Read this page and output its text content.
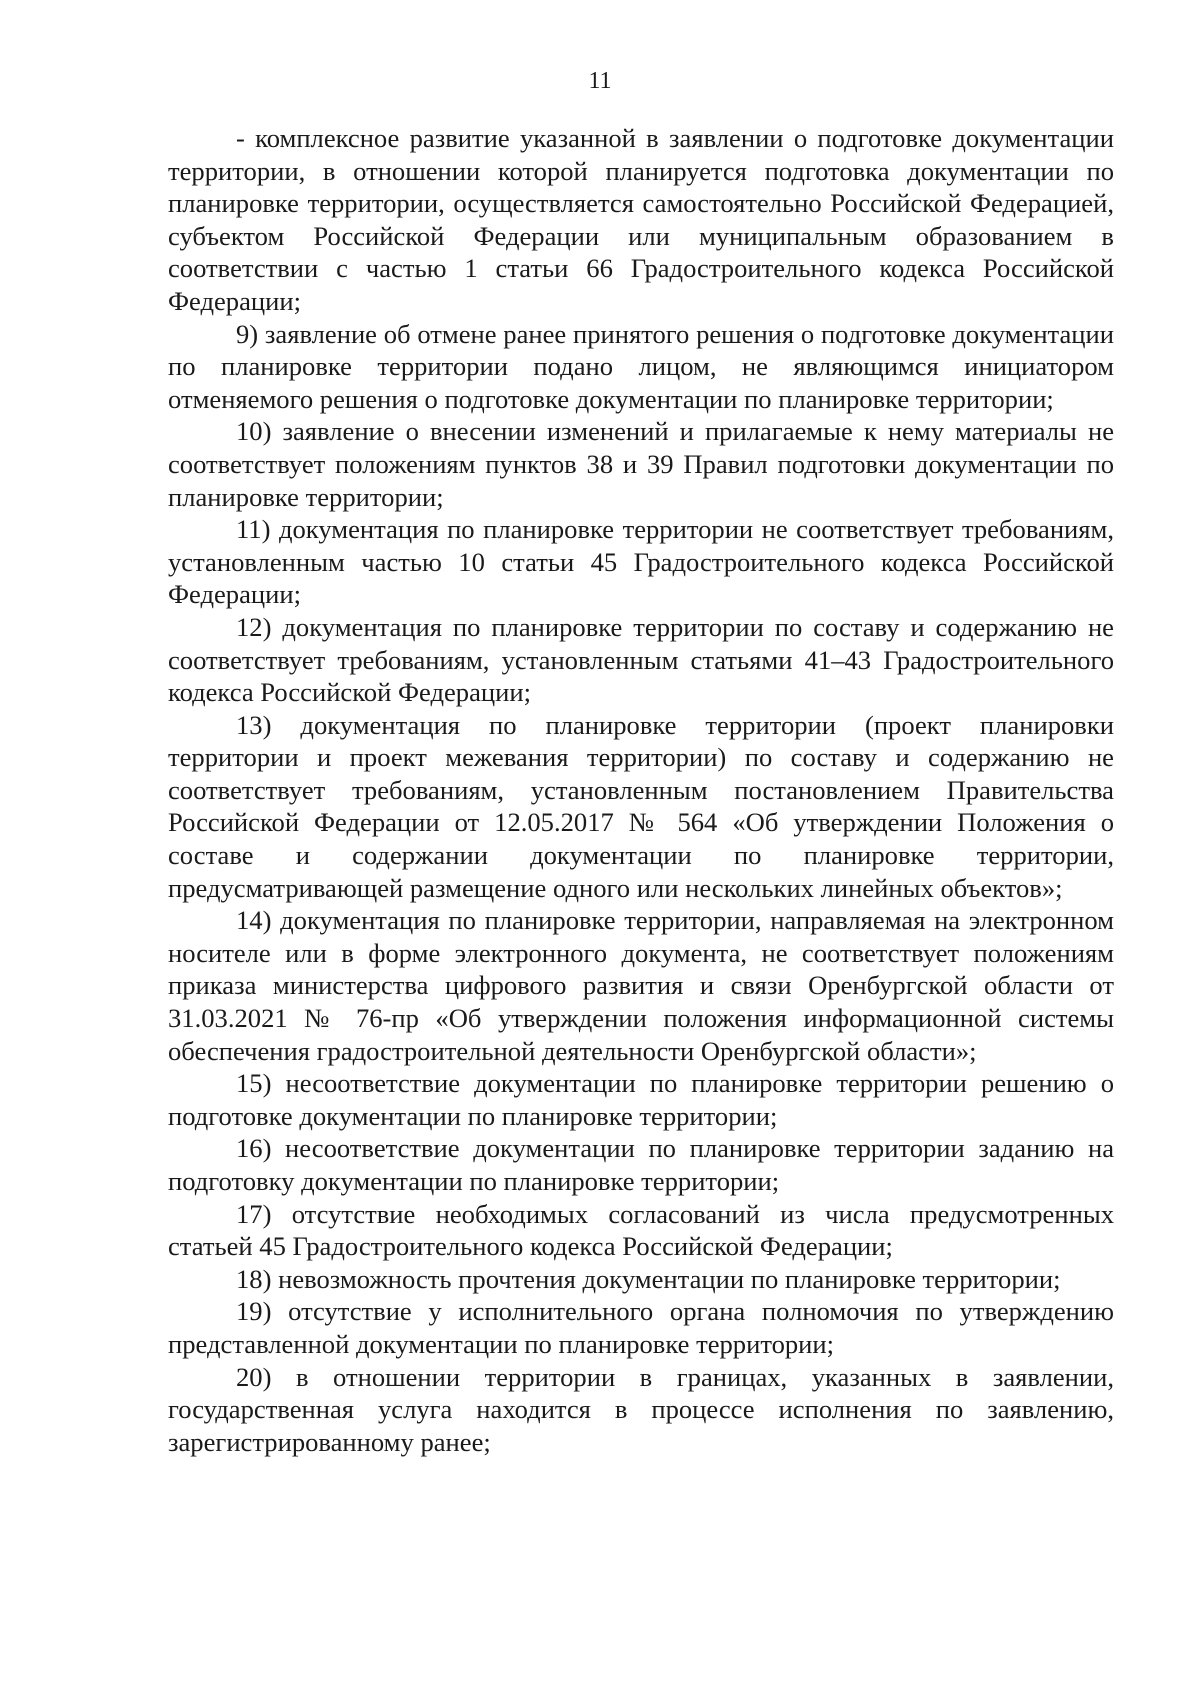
11

- комплексное развитие указанной в заявлении о подготовке документации территории, в отношении которой планируется подготовка документации по планировке территории, осуществляется самостоятельно Российской Федерацией, субъектом Российской Федерации или муниципальным образованием в соответствии с частью 1 статьи 66 Градостроительного кодекса Российской Федерации;

9) заявление об отмене ранее принятого решения о подготовке документации по планировке территории подано лицом, не являющимся инициатором отменяемого решения о подготовке документации по планировке территории;

10) заявление о внесении изменений и прилагаемые к нему материалы не соответствует положениям пунктов 38 и 39 Правил подготовки документации по планировке территории;

11) документация по планировке территории не соответствует требованиям, установленным частью 10 статьи 45 Градостроительного кодекса Российской Федерации;

12) документация по планировке территории по составу и содержанию не соответствует требованиям, установленным статьями 41–43 Градостроительного кодекса Российской Федерации;

13) документация по планировке территории (проект планировки территории и проект межевания территории) по составу и содержанию не соответствует требованиям, установленным постановлением Правительства Российской Федерации от 12.05.2017 № 564 «Об утверждении Положения о составе и содержании документации по планировке территории, предусматривающей размещение одного или нескольких линейных объектов»;

14) документация по планировке территории, направляемая на электронном носителе или в форме электронного документа, не соответствует положениям приказа министерства цифрового развития и связи Оренбургской области от 31.03.2021 № 76-пр «Об утверждении положения информационной системы обеспечения градостроительной деятельности Оренбургской области»;

15) несоответствие документации по планировке территории решению о подготовке документации по планировке территории;

16) несоответствие документации по планировке территории заданию на подготовку документации по планировке территории;

17) отсутствие необходимых согласований из числа предусмотренных статьей 45 Градостроительного кодекса Российской Федерации;

18) невозможность прочтения документации по планировке территории;

19) отсутствие у исполнительного органа полномочия по утверждению представленной документации по планировке территории;

20) в отношении территории в границах, указанных в заявлении, государственная услуга находится в процессе исполнения по заявлению, зарегистрированному ранее;
